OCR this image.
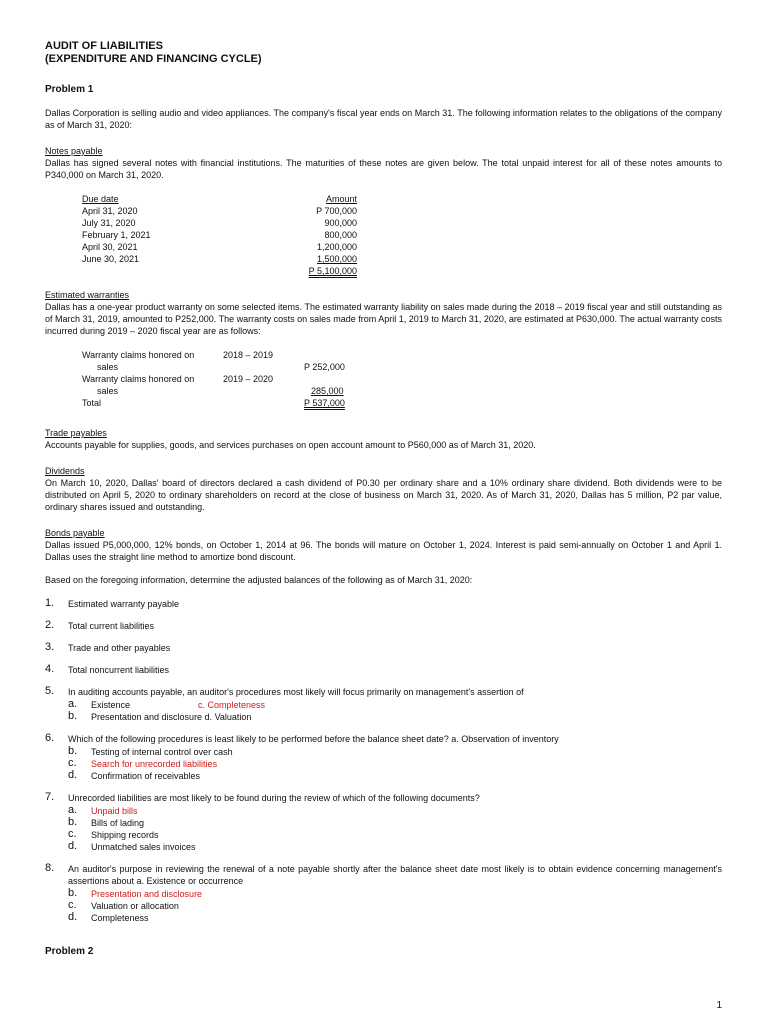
AUDIT OF LIABILITIES
(EXPENDITURE AND FINANCING CYCLE)
Problem 1

Dallas Corporation is selling audio and video appliances. The company's fiscal year ends on March 31. The following information relates to the obligations of the company as of March 31, 2020:

Notes payable

Dallas has signed several notes with financial institutions. The maturities of these notes are given below. The total unpaid interest for all of these notes amounts to P340,000 on March 31, 2020.

Due date	Amount
April 31, 2020	P 700,000
July 31, 2020	900,000
February 1, 2021	800,000
April 30, 2021	1,200,000
June 30, 2021	1,500,000
P 5,100,000
Estimated warranties

Dallas has a one-year product warranty on some selected items. The estimated warranty liability on sales made during the 2018 – 2019 fiscal year and still outstanding as of March 31, 2019, amounted to P252,000. The warranty costs on sales made from April 1, 2019 to March 31, 2020, are estimated at P630,000. The actual warranty costs incurred during 2019 – 2020 fiscal year are as follows:

Warranty claims honored on	2018 – 2019
sales	P 252,000
Warranty claims honored on	2019 – 2020
sales	285,000
Total	P 537,000
Trade payables

Accounts payable for supplies, goods, and services purchases on open account amount to P560,000 as of March 31, 2020.

Dividends

On March 10, 2020, Dallas' board of directors declared a cash dividend of P0.30 per ordinary share and a 10% ordinary share dividend. Both dividends were to be distributed on April 5, 2020 to ordinary shareholders on record at the close of business on March 31, 2020. As of March 31, 2020, Dallas has 5 million, P2 par value, ordinary shares issued and outstanding.

Bonds payable

Dallas issued P5,000,000, 12% bonds, on October 1, 2014 at 96. The bonds will mature on October 1, 2024. Interest is paid semi-annually on October 1 and April 1. Dallas uses the straight line method to amortize bond discount.

Based on the foregoing information, determine the adjusted balances of the following as of March 31, 2020:

1. Estimated warranty payable
2. Total current liabilities
3. Trade and other payables
4. Total noncurrent liabilities
5. In auditing accounts payable, an auditor's procedures most likely will focus primarily on management's assertion of
a. Existence	c. Completeness
b. Presentation and disclosure d. Valuation
6. Which of the following procedures is least likely to be performed before the balance sheet date? a. Observation of inventory
b. Testing of internal control over cash
c. Search for unrecorded liabilities
d. Confirmation of receivables
7. Unrecorded liabilities are most likely to be found during the review of which of the following documents?
a. Unpaid bills
b. Bills of lading
c. Shipping records
d. Unmatched sales invoices
8. An auditor's purpose in reviewing the renewal of a note payable shortly after the balance sheet date most likely is to obtain evidence concerning management's assertions about a. Existence or occurrence

b. Presentation and disclosure
c. Valuation or allocation
d. Completeness
Problem 2
1
